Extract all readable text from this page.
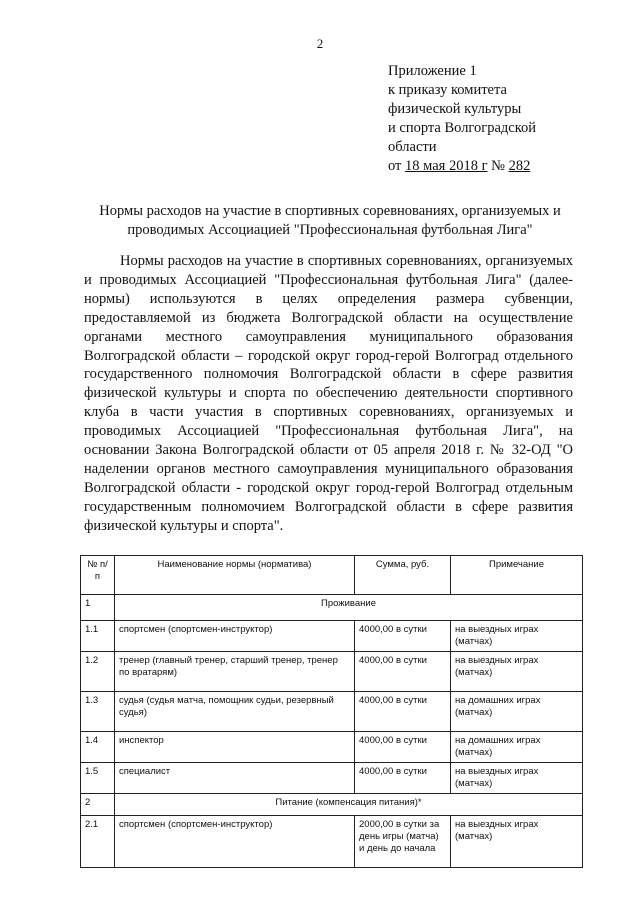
2
Приложение 1
к приказу комитета
физической культуры
и спорта Волгоградской
области
от 18 мая 2018 г № 282
Нормы расходов на участие в спортивных соревнованиях, организуемых и
проводимых Ассоциацией "Профессиональная футбольная Лига"

Нормы расходов на участие в спортивных соревнованиях, организуемых и проводимых Ассоциацией "Профессиональная футбольная Лига" (далее-нормы) используются в целях определения размера субвенции, предоставляемой из бюджета Волгоградской области на осуществление органами местного самоуправления муниципального образования Волгоградской области – городской округ город-герой Волгоград отдельного государственного полномочия Волгоградской области в сфере развития физической культуры и спорта по обеспечению деятельности спортивного клуба в части участия в спортивных соревнованиях, организуемых и проводимых Ассоциацией "Профессиональная футбольная Лига", на основании Закона Волгоградской области от 05 апреля 2018 г. № 32-ОД "О наделении органов местного самоуправления муниципального образования Волгоградской области - городской округ город-герой Волгоград отдельным государственным полномочием Волгоградской области в сфере развития физической культуры и спорта".

№ п/п	Наименование нормы (норматива)	Сумма, руб.	Примечание
1	Проживание		
1.1	спортсмен (спортсмен-инструктор)	4000,00 в сутки	на выездных играх (матчах)
1.2	тренер (главный тренер, старший тренер, тренер по вратарям)	4000,00 в сутки	на выездных играх (матчах)
1.3	судья (судья матча, помощник судьи, резервный судья)	4000,00 в сутки	на домашних играх (матчах)
1.4	инспектор	4000,00 в сутки	на домашних играх (матчах)
1.5	специалист	4000,00 в сутки	на выездных играх (матчах)
2	Питание (компенсация питания)*		
2.1	спортсмен (спортсмен-инструктор)	2000,00 в сутки за день игры (матча) и день до начала	на выездных играх (матчах)
